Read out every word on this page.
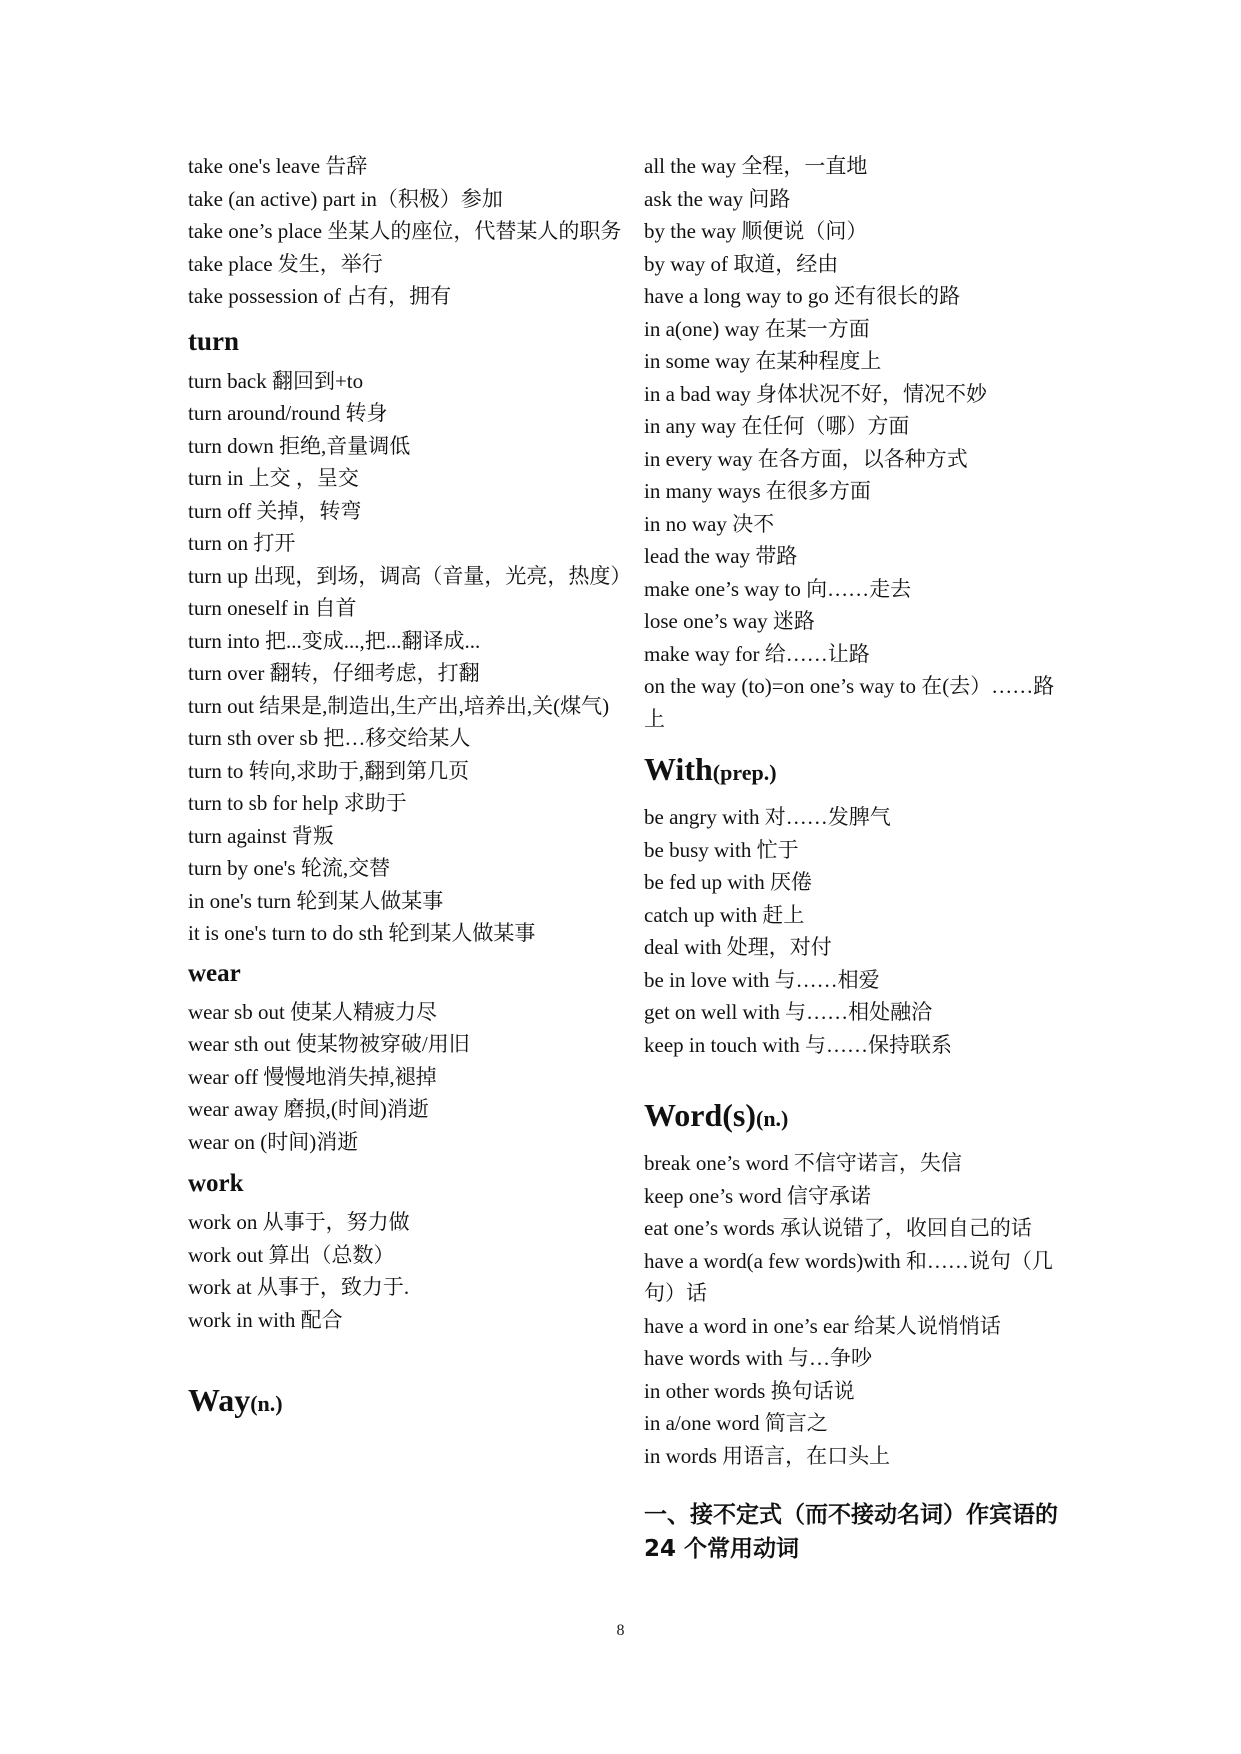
take one's leave 告辞

take (an active) part in（积极）参加

take one’s place 坐某人的座位，代替某人的职务

take place 发生，举行

take possession of 占有，拥有

turn

turn back 翻回到+to

turn around/round 转身

turn down 拒绝,音量调低

turn in 上交 ，呈交

turn off 关掉，转弯

turn on 打开

turn up 出现，到场，调高（音量，光亮，热度）

turn oneself in 自首

turn into 把...变成...,把...翻译成...

turn over 翻转，仔细考虑，打翻

turn out 结果是,制造出,生产出,培养出,关(煤气)

turn sth over sb 把…移交给某人

turn to 转向,求助于,翻到第几页

turn to sb for help 求助于

turn against 背叛

turn by one's 轮流,交替

in one's turn 轮到某人做某事

it is one's turn to do sth 轮到某人做某事

wear

wear sb out 使某人精疲力尽

wear sth out 使某物被穿破/用旧

wear off 慢慢地消失掉,褪掉

wear away 磨损,(时间)消逝

wear on (时间)消逝

work

work on 从事于，努力做

work out 算出（总数）

work at 从事于，致力于.

work in with 配合

Way(n.)

all the way 全程，一直地

ask the way 问路

by the way 顺便说（问）

by way of 取道，经由

have a long way to go 还有很长的路

in a(one) way 在某一方面

in some way 在某种程度上

in a bad way 身体状况不好，情况不妙

in any way 在任何（哪）方面

in every way 在各方面，以各种方式

in many ways 在很多方面

in no way 决不

lead the way 带路

make one’s way to 向……走去

lose one’s way 迷路

make way for 给……让路

on the way (to)=on one’s way to 在(去）……路上

With(prep.)

be angry with 对……发脾气

be busy with 忙于

be fed up with 厌倦

catch up with 赶上

deal with 处理，对付

be in love with 与……相爱

get on well with 与……相处融洽

keep in touch with 与……保持联系

Word(s)(n.)

break one’s word 不信守诺言，失信

keep one’s word 信守承诺

eat one’s words 承认说错了，收回自己的话

have a word(a few words)with 和……说句（几句）话

have a word in one’s ear 给某人说悄悄话

have words with 与…争吵

in other words 换句话说

in a/one word 简言之

in words 用语言，在口头上

一、接不定式（而不接动名词）作宾语的 24 个常用动词
8
